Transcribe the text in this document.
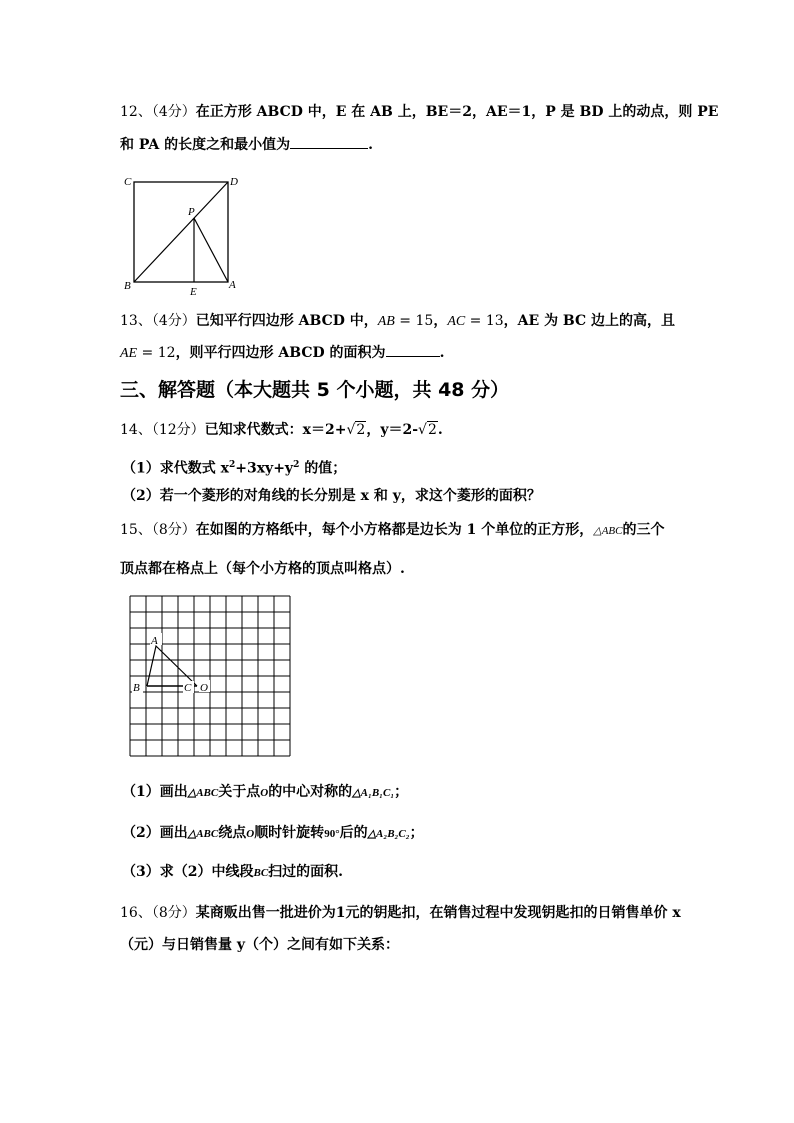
12、（4分）在正方形 ABCD 中，E 在 AB 上，BE＝2，AE＝1，P 是 BD 上的动点，则 PE
和 PA 的长度之和最小值为	.
C	D
P
B	E
A
13、（4分）已知平行四边形 ABCD 中，AB = 15，AC = 13，AE 为 BC 边上的高，且
AE = 12，则平行四边形 ABCD 的面积为	.
三、解答题（本大题共 5 个小题，共 48 分）
14、（12分）已知求代数式：x＝2+√2，y＝2-√2.
（1）求代数式 $x^2+3xy+y^2$ 的值；
（2）若一个菱形的对角线的长分别是 x 和 y，求这个菱形的面积？
15、（8分）在如图的方格纸中，每个小方格都是边长为 1 个单位的正方形，△ABC的三个
顶点都在格点上（每个小方格的顶点叫格点）.
A
B	C O
（1）画出△ABC关于点O的中心对称的△A₁B₁C₁；
（2）画出△ABC绕点O顺时针旋转90°后的△A₂B₂C₂；
（3）求（2）中线段BC扫过的面积.
16、（8分）某商贩出售一批进价为1元的钥匙扣，在销售过程中发现钥匙扣的日销售单价 x
（元）与日销售量 y（个）之间有如下关系：
